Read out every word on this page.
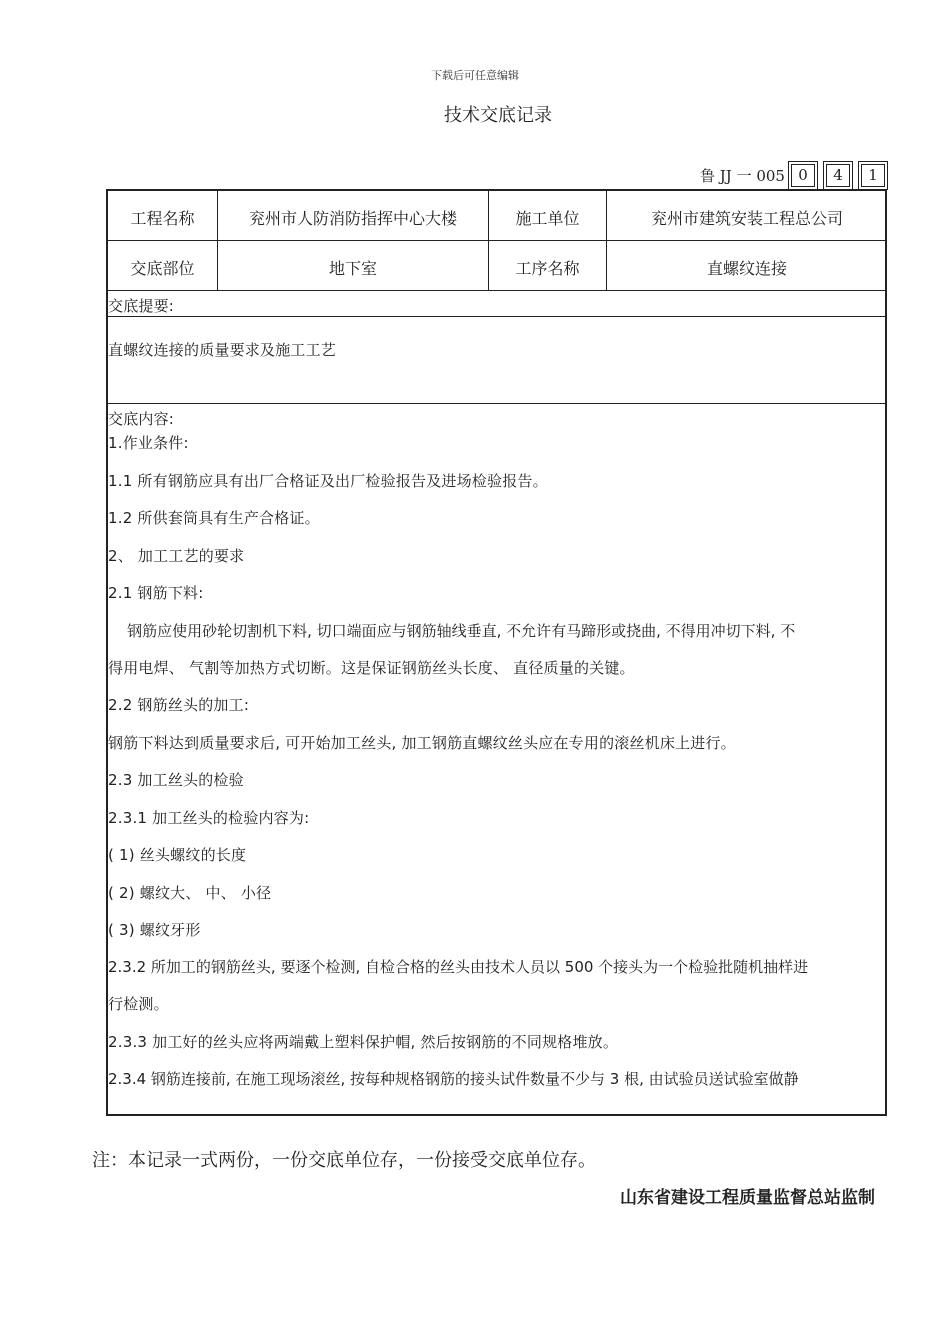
下载后可任意编辑
技术交底记录
鲁 JJ 一 005 0	4	1
工程名称	兖州市人防消防指挥中心大楼	施工单位	兖州市建筑安装工程总公司
交底部位	地下室	工序名称	直螺纹连接
交底提要:
直螺纹连接的质量要求及施工工艺
交底内容:
1.作业条件:
1.1 所有钢筋应具有出厂合格证及出厂检验报告及进场检验报告。
1.2 所供套筒具有生产合格证。
2、 加工工艺的要求
2.1 钢筋下料:
钢筋应使用砂轮切割机下料, 切口端面应与钢筋轴线垂直, 不允许有马蹄形或挠曲, 不得用冲切下料, 不
得用电焊、 气割等加热方式切断。这是保证钢筋丝头长度、 直径质量的关键。
2.2 钢筋丝头的加工:
钢筋下料达到质量要求后, 可开始加工丝头, 加工钢筋直螺纹丝头应在专用的滚丝机床上进行。
2.3 加工丝头的检验
2.3.1 加工丝头的检验内容为:
( 1) 丝头螺纹的长度
( 2) 螺纹大、 中、 小径
( 3) 螺纹牙形
2.3.2 所加工的钢筋丝头, 要逐个检测, 自检合格的丝头由技术人员以 500 个接头为一个检验批随机抽样进
行检测。
2.3.3 加工好的丝头应将两端戴上塑料保护帽, 然后按钢筋的不同规格堆放。
2.3.4 钢筋连接前, 在施工现场滚丝, 按每种规格钢筋的接头试件数量不少与 3 根, 由试验员送试验室做静
注：本记录一式两份，一份交底单位存，一份接受交底单位存。
山东省建设工程质量监督总站监制
